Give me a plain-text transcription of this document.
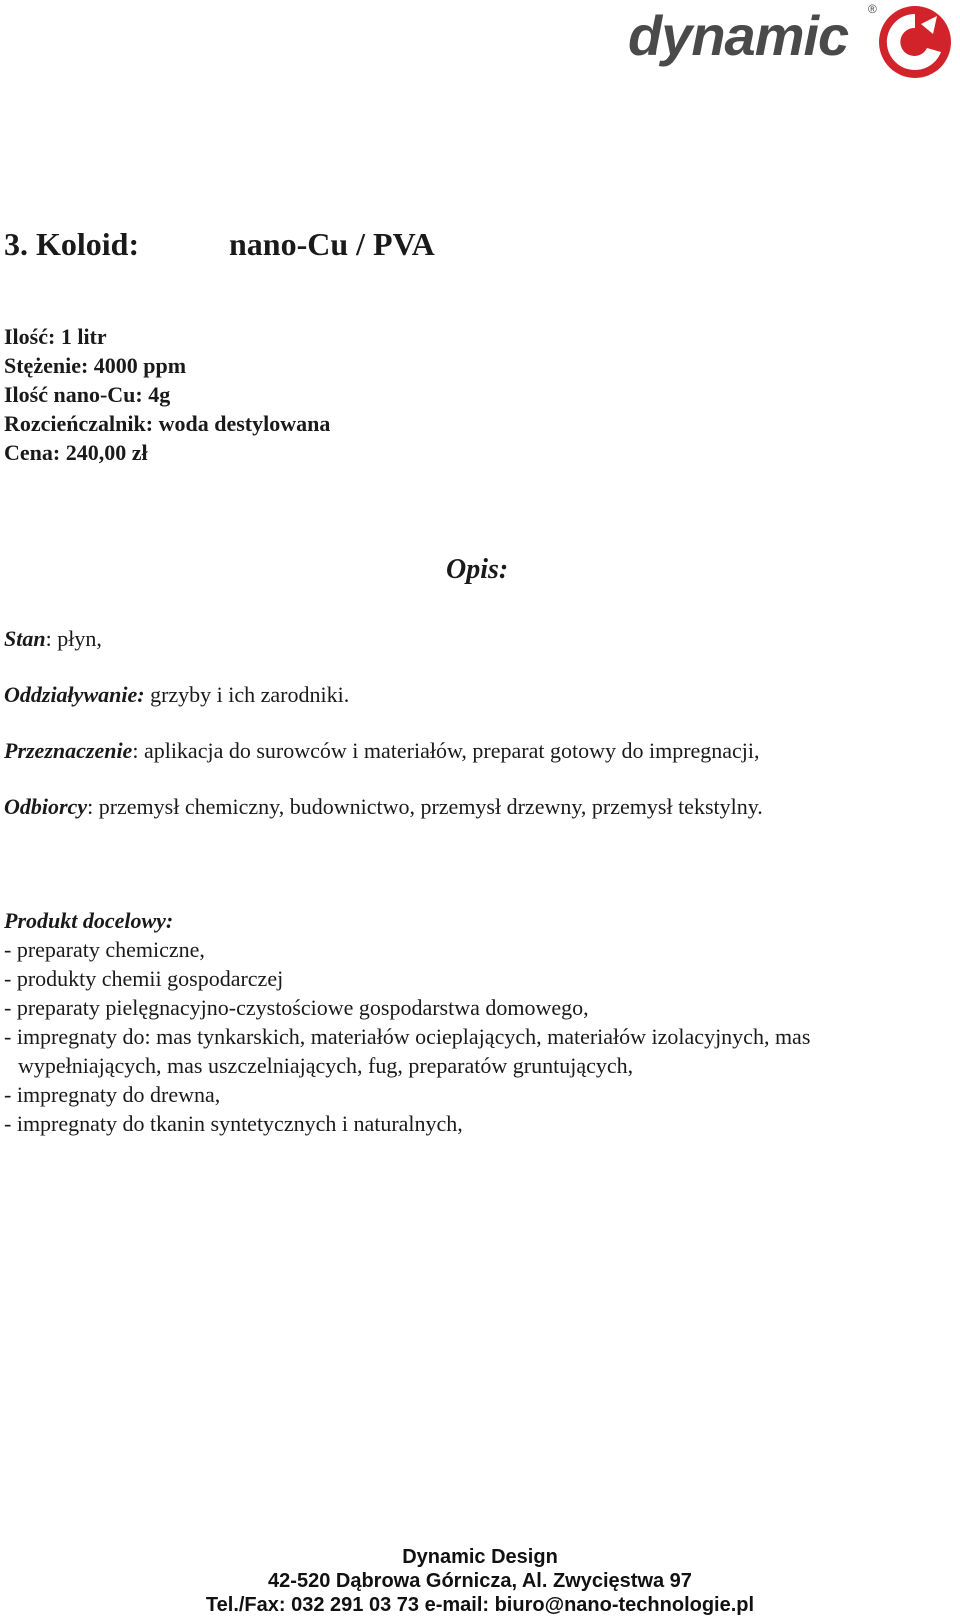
dynamic ®
3. Koloid:	nano-Cu / PVA
Ilość: 1 litr
Stężenie: 4000 ppm
Ilość nano-Cu: 4g
Rozcieńczalnik: woda destylowana
Cena: 240,00 zł
Opis:
Stan: płyn,
Oddziaływanie: grzyby i ich zarodniki.
Przeznaczenie: aplikacja do surowców i materiałów, preparat gotowy do impregnacji,
Odbiorcy: przemysł chemiczny, budownictwo, przemysł drzewny, przemysł tekstylny.
Produkt docelowy:
- preparaty chemiczne,
- produkty chemii gospodarczej
- preparaty pielęgnacyjno-czystościowe gospodarstwa domowego,
- impregnaty do: mas tynkarskich, materiałów ocieplających, materiałów izolacyjnych, mas wypełniających, mas uszczelniających, fug, preparatów gruntujących,
- impregnaty do drewna,
- impregnaty do tkanin syntetycznych i naturalnych,
Dynamic Design
42-520 Dąbrowa Górnicza, Al. Zwycięstwa 97
Tel./Fax: 032 291 03 73 e-mail: biuro@nano-technologie.pl
